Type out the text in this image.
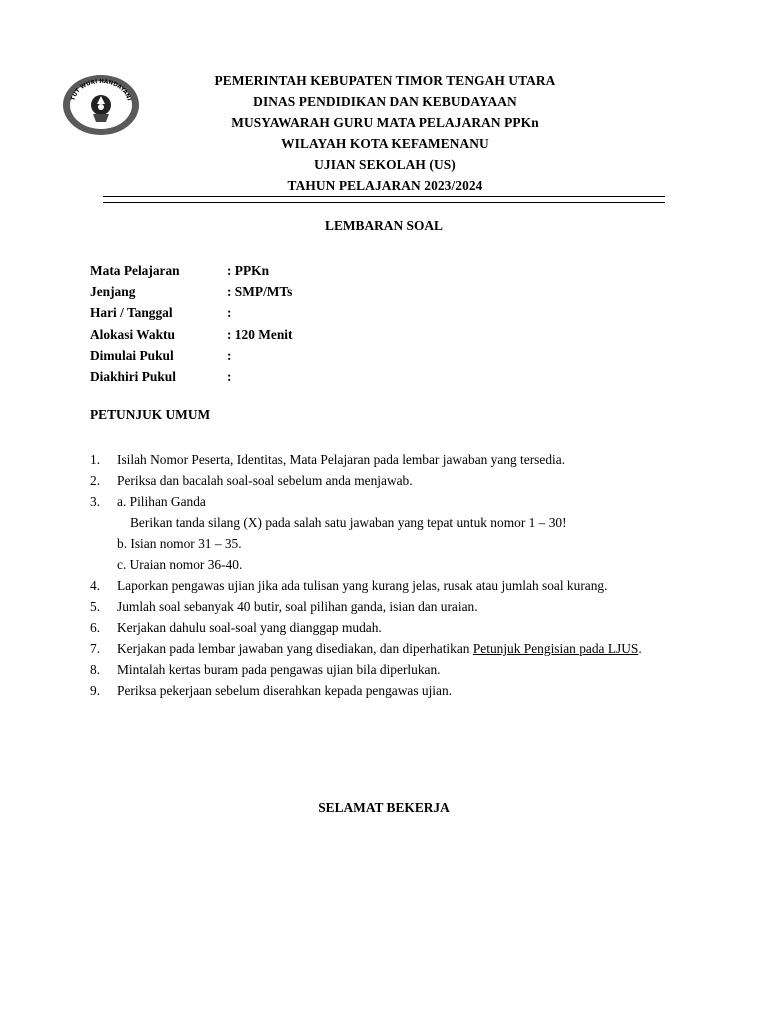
TUT WURI HANDAYANI
PEMERINTAH KEBUPATEN TIMOR TENGAH UTARA
DINAS PENDIDIKAN DAN KEBUDAYAAN
MUSYAWARAH GURU MATA PELAJARAN PPKn
WILAYAH KOTA KEFAMENANU
UJIAN SEKOLAH (US)
TAHUN PELAJARAN 2023/2024
LEMBARAN SOAL
Mata Pelajaran	: PPKn
Jenjang	: SMP/MTs
Hari / Tanggal	:
Alokasi Waktu	: 120 Menit
Dimulai Pukul	:
Diakhiri Pukul	:
PETUNJUK UMUM
1.	Isilah Nomor Peserta, Identitas, Mata Pelajaran pada lembar jawaban yang tersedia.
2.	Periksa dan bacalah soal-soal sebelum anda menjawab.
3.	a. Pilihan Ganda
Berikan tanda silang (X) pada salah satu jawaban yang tepat untuk nomor 1 – 30!
b. Isian nomor 31 – 35.
c. Uraian nomor 36-40.
4.	Laporkan pengawas ujian jika ada tulisan yang kurang jelas, rusak atau jumlah soal kurang.
5.	Jumlah soal sebanyak 40 butir, soal pilihan ganda, isian dan uraian.
6.	Kerjakan dahulu soal-soal yang dianggap mudah.
7.	Kerjakan pada lembar jawaban yang disediakan, dan diperhatikan Petunjuk Pengisian pada LJUS.
8.	Mintalah kertas buram pada pengawas ujian bila diperlukan.
9.	Periksa pekerjaan sebelum diserahkan kepada pengawas ujian.
SELAMAT BEKERJA
